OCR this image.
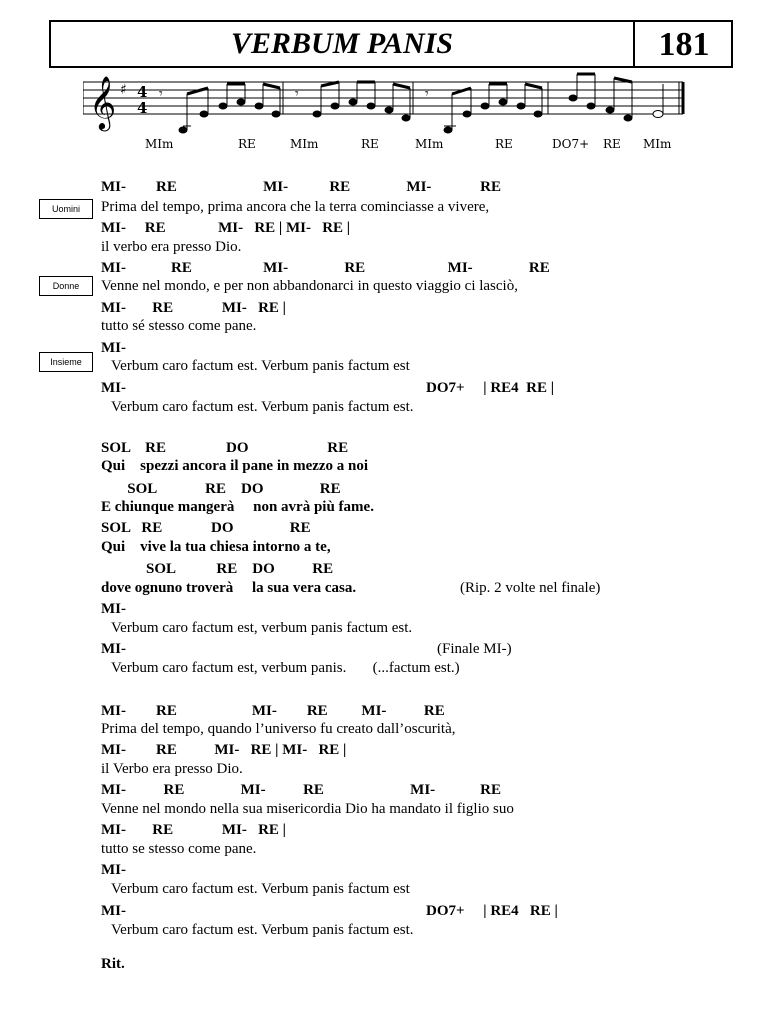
VERBUM PANIS	181
𝄞 ♯ 4
4
𝄾	𝄾	𝄾
MIm	RE	MIm	RE	MIm	RE	DO7+ RE MIm
Uomini
Donne
Insieme
MI-        RE                       MI-           RE               MI-             RE
Prima del tempo, prima ancora che la terra cominciasse a vivere,
MI-     RE              MI-   RE | MI-   RE |
il verbo era presso Dio.
MI-            RE                   MI-               RE                      MI-               RE
Venne nel mondo, e per non abbandonarci in questo viaggio ci lasciò,
MI-       RE             MI-   RE |
tutto sé stesso come pane.
MI-
Verbum caro factum est. Verbum panis factum est
MI-                                                                                DO7+     | RE4  RE |
Verbum caro factum est. Verbum panis factum est.
SOL    RE                DO                     RE
Qui    spezzi ancora il pane in mezzo a noi
SOL             RE    DO               RE
E chiunque mangerà     non avrà più fame.
SOL   RE             DO               RE
Qui    vive la tua chiesa intorno a te,
SOL           RE    DO          RE
dove ognuno troverà     la sua vera casa.	(Rip. 2 volte nel finale)
MI-
Verbum caro factum est, verbum panis factum est.
MI-	(Finale MI-)
Verbum caro factum est, verbum panis.       (...factum est.)
MI-        RE                    MI-        RE         MI-          RE
Prima del tempo, quando l’universo fu creato dall’oscurità,
MI-        RE          MI-   RE | MI-   RE |
il Verbo era presso Dio.
MI-          RE               MI-          RE                       MI-            RE
Venne nel mondo nella sua misericordia Dio ha mandato il figlio suo
MI-       RE             MI-   RE |
tutto se stesso come pane.
MI-
Verbum caro factum est. Verbum panis factum est
MI-                                                                                DO7+     | RE4   RE |
Verbum caro factum est. Verbum panis factum est.
Rit.
